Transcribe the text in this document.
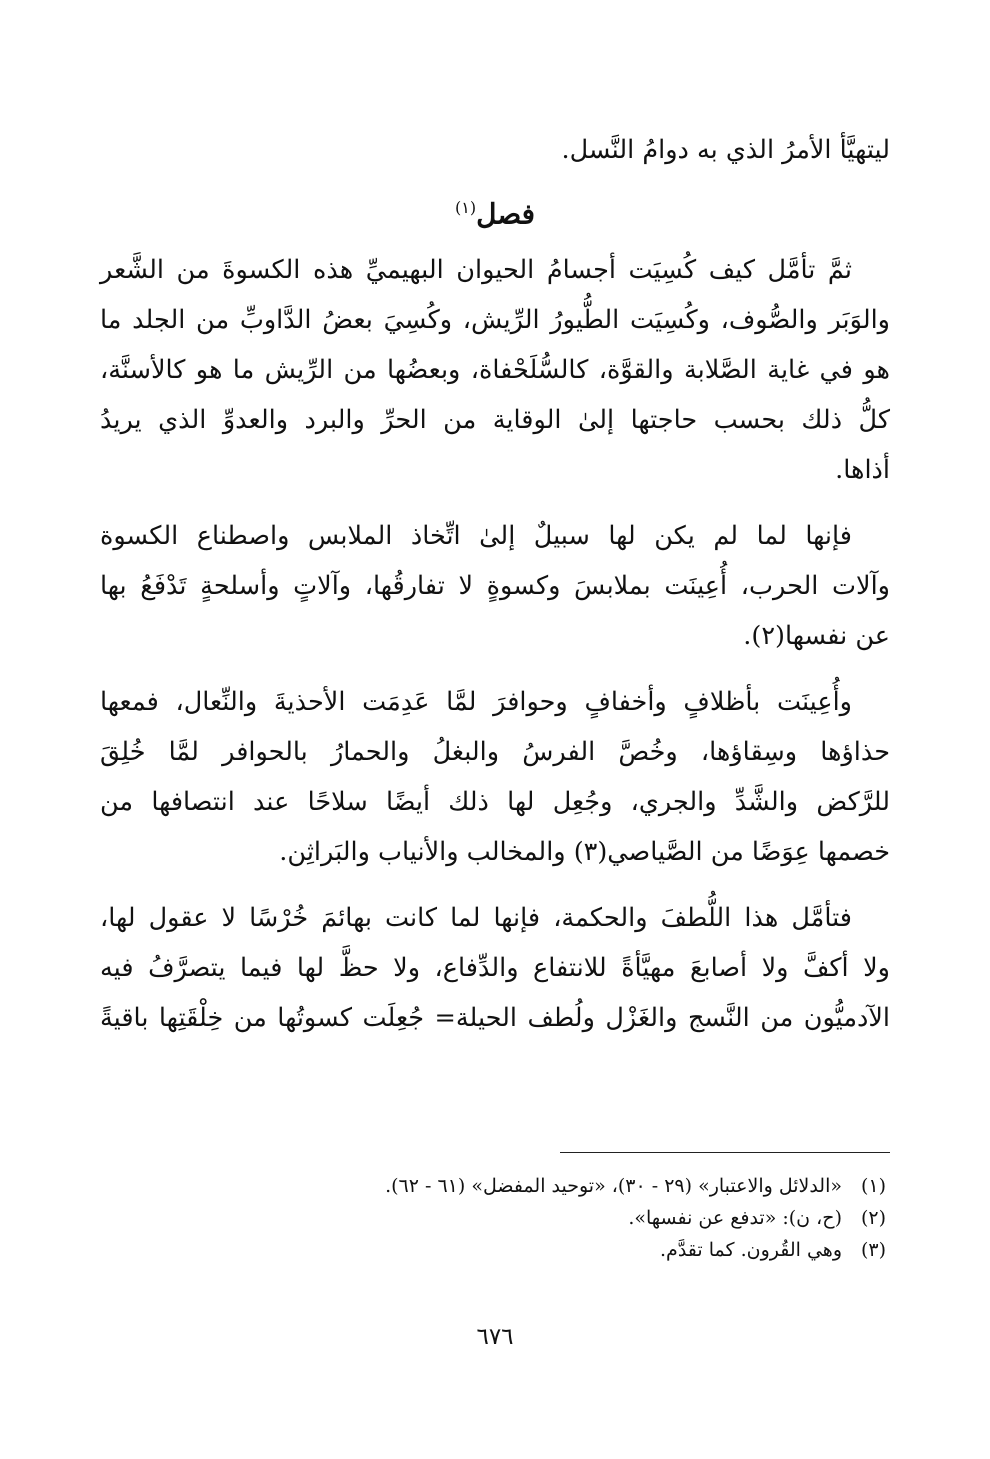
ليتهيَّأ الأمرُ الذي به دوامُ النَّسل.
فصل$^{(١)}$
ثمَّ تأمَّل كيف كُسِيَت أجسامُ الحيوان البهيميِّ هذه الكسوةَ من الشَّعر
والوَبَر والصُّوف، وكُسِيَت الطُّيورُ الرِّيش، وكُسِيَ بعضُ الدَّاوبِّ من الجلد ما
هو في غاية الصَّلابة والقوَّة، كالسُّلَحْفاة، وبعضُها من الرِّيش ما هو كالأسنَّة،
كلُّ ذلك بحسب حاجتها إلىٰ الوقاية من الحرِّ والبرد والعدوِّ الذي يريدُ
أذاها.
فإنها لما لم يكن لها سبيلٌ إلىٰ اتِّخاذ الملابس واصطناع الكسوة
وآلات الحرب، أُعِينَت بملابسَ وكسوةٍ لا تفارقُها، وآلاتٍ وأسلحةٍ تَدْفَعُ بها
عن نفسها(٢).
وأُعِينَت بأظلافٍ وأخفافٍ وحوافرَ لمَّا عَدِمَت الأحذيةَ والنِّعال، فمعها
حذاؤها وسِقاؤها، وخُصَّ الفرسُ والبغلُ والحمارُ بالحوافر لمَّا خُلِقَ
للرَّكض والشَّدِّ والجري، وجُعِل لها ذلك أيضًا سلاحًا عند انتصافها من
خصمها عِوَضًا من الصَّياصي(٣) والمخالب والأنياب والبَراثِن.
فتأمَّل هذا اللُّطفَ والحكمة، فإنها لما كانت بهائمَ خُرْسًا لا عقول لها،
ولا أكفَّ ولا أصابعَ مهيَّأةً للانتفاع والدِّفاع، ولا حظَّ لها فيما يتصرَّفُ فيه
الآدميُّون من النَّسج والغَزْل ولُطف الحيلة= جُعِلَت كسوتُها من خِلْقَتِها باقيةً
(١)«الدلائل والاعتبار» (٢٩ - ٣٠)، «توحيد المفضل» (٦١ - ٦٢).
(٢)(ح، ن): «تدفع عن نفسها».
(٣)وهي القُرون. كما تقدَّم.
٦٧٦
